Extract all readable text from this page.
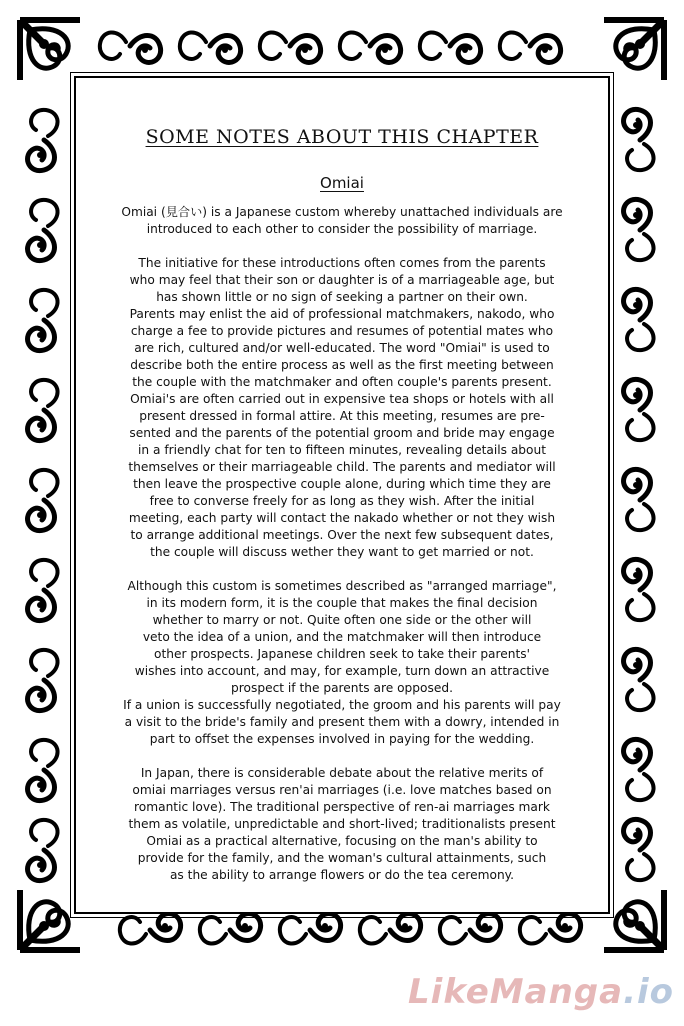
SOME NOTES ABOUT THIS CHAPTER
Omiai

Omiai (見合い) is a Japanese custom whereby unattached individuals are
introduced to each other to consider the possibility of marriage.

The initiative for these introductions often comes from the parents
who may feel that their son or daughter is of a marriageable age, but
has shown little or no sign of seeking a partner on their own.
Parents may enlist the aid of professional matchmakers, nakodo, who
charge a fee to provide pictures and resumes of potential mates who
are rich, cultured and/or well-educated. The word "Omiai" is used to
describe both the entire process as well as the first meeting between
the couple with the matchmaker and often couple's parents present.
Omiai's are often carried out in expensive tea shops or hotels with all
present dressed in formal attire. At this meeting, resumes are pre-
sented and the parents of the potential groom and bride may engage
in a friendly chat for ten to fifteen minutes, revealing details about
themselves or their marriageable child. The parents and mediator will
then leave the prospective couple alone, during which time they are
free to converse freely for as long as they wish. After the initial
meeting, each party will contact the nakado whether or not they wish
to arrange additional meetings. Over the next few subsequent dates,
the couple will discuss wether they want to get married or not.

Although this custom is sometimes described as "arranged marriage",
in its modern form, it is the couple that makes the final decision
whether to marry or not. Quite often one side or the other will
veto the idea of a union, and the matchmaker will then introduce
other prospects. Japanese children seek to take their parents'
wishes into account, and may, for example, turn down an attractive
prospect if the parents are opposed.
If a union is successfully negotiated, the groom and his parents will pay
a visit to the bride's family and present them with a dowry, intended in
part to offset the expenses involved in paying for the wedding.

In Japan, there is considerable debate about the relative merits of
omiai marriages versus ren'ai marriages (i.e. love matches based on
romantic love). The traditional perspective of ren-ai marriages mark
them as volatile, unpredictable and short-lived; traditionalists present
Omiai as a practical alternative, focusing on the man's ability to
provide for the family, and the woman's cultural attainments, such
as the ability to arrange flowers or do the tea ceremony.

LikeManga.io
